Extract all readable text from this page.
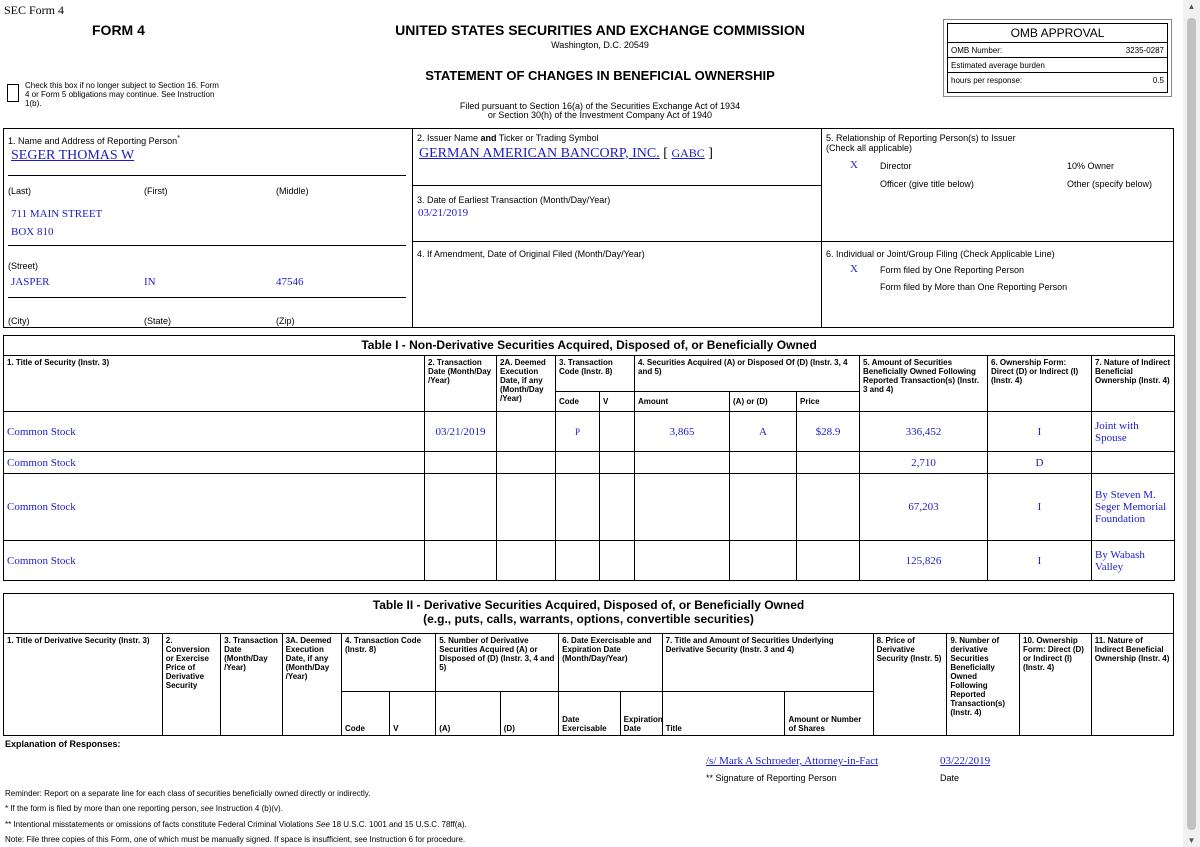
SEC Form 4
FORM 4
Check this box if no longer subject to Section 16. Form 4 or Form 5 obligations may continue. See Instruction 1(b).
UNITED STATES SECURITIES AND EXCHANGE COMMISSION
Washington, D.C. 20549
STATEMENT OF CHANGES IN BENEFICIAL OWNERSHIP
Filed pursuant to Section 16(a) of the Securities Exchange Act of 1934
or Section 30(h) of the Investment Company Act of 1940
OMB APPROVAL
OMB Number:	3235-0287
Estimated average burden
hours per response:	0.5
1. Name and Address of Reporting Person*
SEGER THOMAS W
(Last)	(First)	(Middle)
711 MAIN STREET
BOX 810
(Street)
JASPER	IN	47546
(City)	(State)	(Zip)
2. Issuer Name and Ticker or Trading Symbol
GERMAN AMERICAN BANCORP, INC. [ GABC ]
3. Date of Earliest Transaction (Month/Day/Year)
03/21/2019
4. If Amendment, Date of Original Filed (Month/Day/Year)
5. Relationship of Reporting Person(s) to Issuer
(Check all applicable)
X Director	10% Owner
Officer (give title below)	Other (specify below)
6. Individual or Joint/Group Filing (Check Applicable Line)
X Form filed by One Reporting Person
Form filed by More than One Reporting Person
Table I - Non-Derivative Securities Acquired, Disposed of, or Beneficially Owned										
1. Title of Security (Instr. 3)	2. Transaction Date (Month/Day /Year)	2A. Deemed Execution Date, if any (Month/Day /Year)	3. Transaction Code (Instr. 8)		4. Securities Acquired (A) or Disposed Of (D) (Instr. 3, 4 and 5)			5. Amount of Securities Beneficially Owned Following Reported Transaction(s) (Instr. 3 and 4)	6. Ownership Form: Direct (D) or Indirect (I) (Instr. 4)	7. Nature of Indirect Beneficial Ownership (Instr. 4)
			Code	V	Amount	(A) or (D)	Price			
Common Stock	03/21/2019		P		3,865	A	$28.9	336,452	I	Joint with Spouse
Common Stock								2,710	D	
Common Stock								67,203	I	By Steven M. Seger Memorial Foundation
Common Stock								125,826	I	By Wabash Valley
Table II - Derivative Securities Acquired, Disposed of, or Beneficially Owned
(e.g., puts, calls, warrants, options, convertible securities)															

1. Title of Derivative Security (Instr. 3)	2. Conversion or Exercise Price of Derivative Security	3. Transaction Date (Month/Day /Year)	3A. Deemed Execution Date, if any (Month/Day /Year)	4. Transaction Code (Instr. 8)		5. Number of Derivative Securities Acquired (A) or Disposed of (D) (Instr. 3, 4 and 5)		6. Date Exercisable and Expiration Date (Month/Day/Year)		7. Title and Amount of Securities Underlying Derivative Security (Instr. 3 and 4)		8. Price of Derivative Security (Instr. 5)	9. Number of derivative Securities Beneficially Owned Following Reported Transaction(s) (Instr. 4)	10. Ownership Form: Direct (D) or Indirect (I) (Instr. 4)	11. Nature of Indirect Beneficial Ownership (Instr. 4)
				Code	V	(A)	(D)	Date Exercisable	Expiration Date	Title	Amount or Number of Shares				
Explanation of Responses:
/s/ Mark A Schroeder, Attorney-in-Fact
** Signature of Reporting Person
03/22/2019
Date
Reminder: Report on a separate line for each class of securities beneficially owned directly or indirectly.
* If the form is filed by more than one reporting person, see Instruction 4 (b)(v).
** Intentional misstatements or omissions of facts constitute Federal Criminal Violations See 18 U.S.C. 1001 and 15 U.S.C. 78ff(a).
Note: File three copies of this Form, one of which must be manually signed. If space is insufficient, see Instruction 6 for procedure.
▲
▼
